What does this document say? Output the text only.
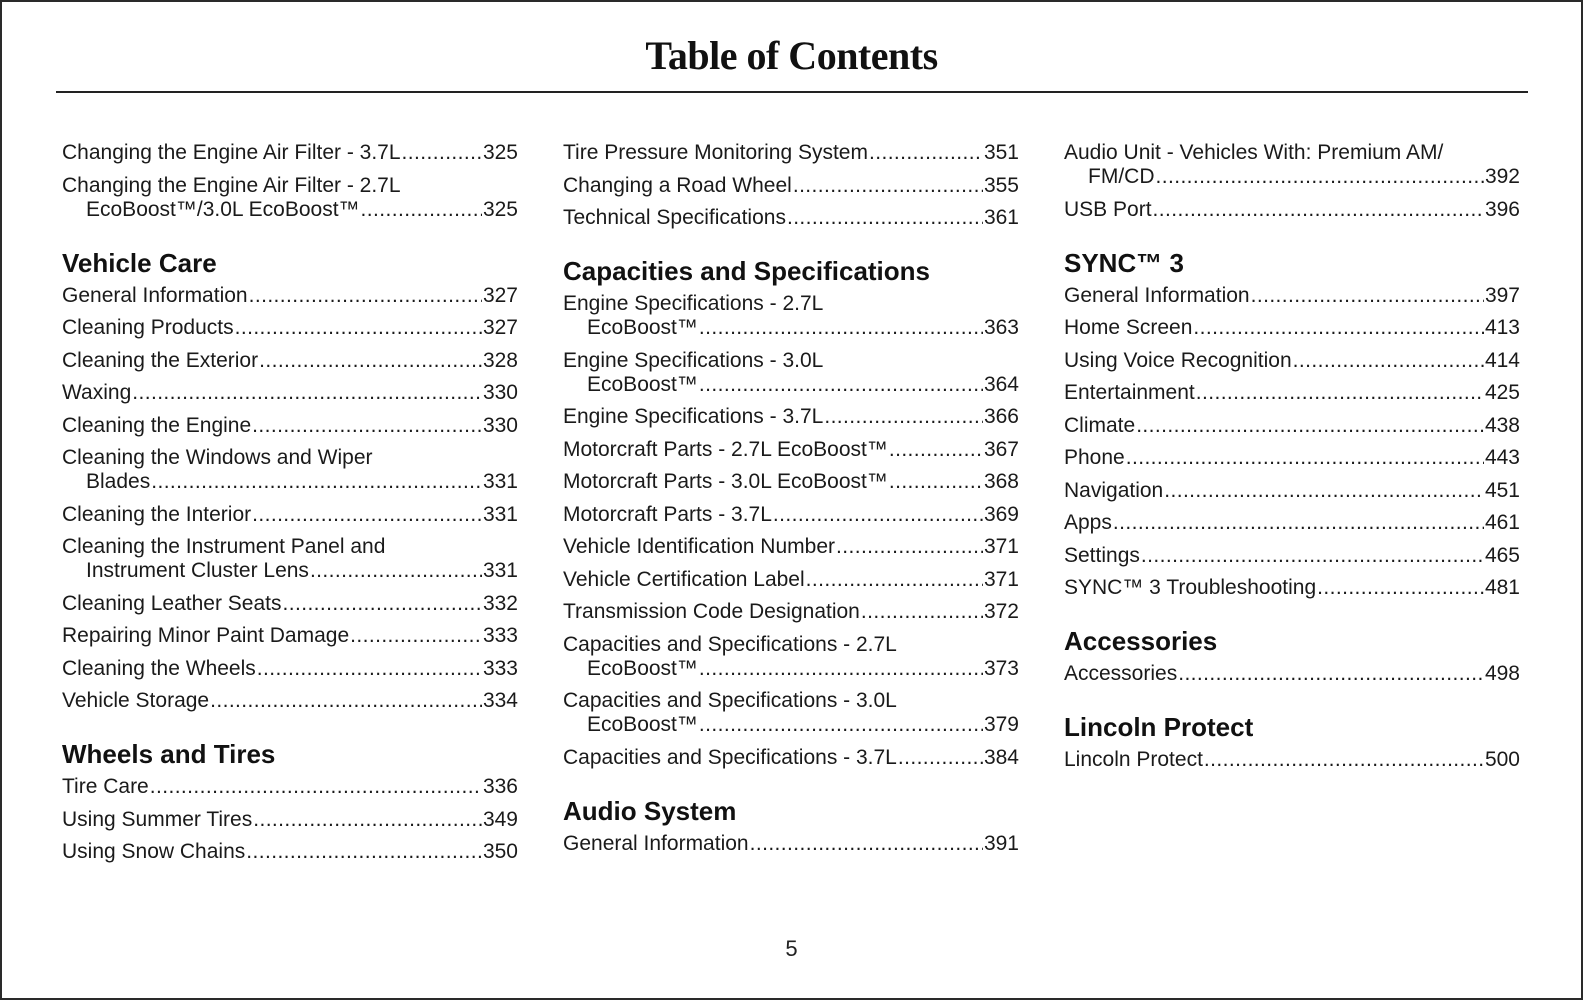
Table of Contents
Changing the Engine Air Filter - 3.7L .....	325
Changing the Engine Air Filter - 2.7L
EcoBoost™/3.0L EcoBoost™ .....	325
Vehicle Care
General Information .....	327
Cleaning Products .....	327
Cleaning the Exterior .....	328
Waxing .....	330
Cleaning the Engine .....	330
Cleaning the Windows and Wiper
Blades .....	331
Cleaning the Interior .....	331
Cleaning the Instrument Panel and
Instrument Cluster Lens .....	331
Cleaning Leather Seats .....	332
Repairing Minor Paint Damage .....	333
Cleaning the Wheels .....	333
Vehicle Storage .....	334
Wheels and Tires
Tire Care .....	336
Using Summer Tires .....	349
Using Snow Chains .....	350
Tire Pressure Monitoring System .....	351
Changing a Road Wheel .....	355
Technical Specifications .....	361
Capacities and Specifications
Engine Specifications - 2.7L
EcoBoost™ .....	363
Engine Specifications - 3.0L
EcoBoost™ .....	364
Engine Specifications - 3.7L .....	366
Motorcraft Parts - 2.7L EcoBoost™ .....	367
Motorcraft Parts - 3.0L EcoBoost™ .....	368
Motorcraft Parts - 3.7L .....	369
Vehicle Identification Number .....	371
Vehicle Certification Label .....	371
Transmission Code Designation .....	372
Capacities and Specifications - 2.7L
EcoBoost™ .....	373
Capacities and Specifications - 3.0L
EcoBoost™ .....	379
Capacities and Specifications - 3.7L .....	384
Audio System
General Information .....	391
Audio Unit - Vehicles With: Premium AM/
FM/CD .....	392
USB Port .....	396
SYNC™ 3
General Information .....	397
Home Screen .....	413
Using Voice Recognition .....	414
Entertainment .....	425
Climate .....	438
Phone .....	443
Navigation .....	451
Apps .....	461
Settings .....	465
SYNC™ 3 Troubleshooting .....	481
Accessories
Accessories .....	498
Lincoln Protect
Lincoln Protect .....	500
5
